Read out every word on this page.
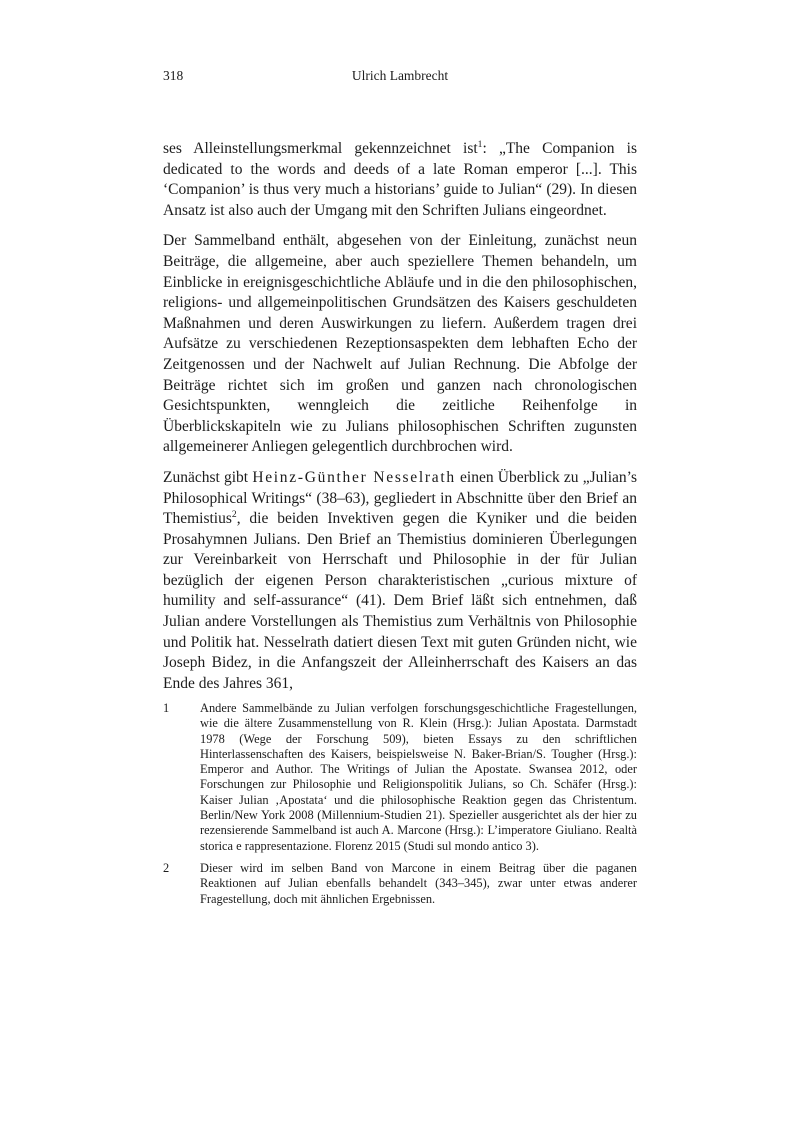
318	Ulrich Lambrecht

ses Alleinstellungsmerkmal gekennzeichnet ist$^1$: „The Companion is dedicated to the words and deeds of a late Roman emperor [...]. This ‘Companion’ is thus very much a historians’ guide to Julian“ (29). In diesen Ansatz ist also auch der Umgang mit den Schriften Julians eingeordnet.

Der Sammelband enthält, abgesehen von der Einleitung, zunächst neun Beiträge, die allgemeine, aber auch speziellere Themen behandeln, um Einblicke in ereignisgeschichtliche Abläufe und in die den philosophischen, religions- und allgemeinpolitischen Grundsätzen des Kaisers geschuldeten Maßnahmen und deren Auswirkungen zu liefern. Außerdem tragen drei Aufsätze zu verschiedenen Rezeptionsaspekten dem lebhaften Echo der Zeitgenossen und der Nachwelt auf Julian Rechnung. Die Abfolge der Beiträge richtet sich im großen und ganzen nach chronologischen Gesichtspunkten, wenngleich die zeitliche Reihenfolge in Überblickskapiteln wie zu Julians philosophischen Schriften zugunsten allgemeinerer Anliegen gelegentlich durchbrochen wird.

Zunächst gibt Heinz-Günther Nesselrath einen Überblick zu „Julian’s Philosophical Writings“ (38–63), gegliedert in Abschnitte über den Brief an Themistius$^2$, die beiden Invektiven gegen die Kyniker und die beiden Prosahymnen Julians. Den Brief an Themistius dominieren Überlegungen zur Vereinbarkeit von Herrschaft und Philosophie in der für Julian bezüglich der eigenen Person charakteristischen „curious mixture of humility and self-assurance“ (41). Dem Brief läßt sich entnehmen, daß Julian andere Vorstellungen als Themistius zum Verhältnis von Philosophie und Politik hat. Nesselrath datiert diesen Text mit guten Gründen nicht, wie Joseph Bidez, in die Anfangszeit der Alleinherrschaft des Kaisers an das Ende des Jahres 361,

1	Andere Sammelbände zu Julian verfolgen forschungsgeschichtliche Fragestellungen, wie die ältere Zusammenstellung von R. Klein (Hrsg.): Julian Apostata. Darmstadt 1978 (Wege der Forschung 509), bieten Essays zu den schriftlichen Hinterlassenschaften des Kaisers, beispielsweise N. Baker-Brian/S. Tougher (Hrsg.): Emperor and Author. The Writings of Julian the Apostate. Swansea 2012, oder Forschungen zur Philosophie und Religionspolitik Julians, so Ch. Schäfer (Hrsg.): Kaiser Julian ‚Apostata‘ und die philosophische Reaktion gegen das Christentum. Berlin/New York 2008 (Millennium-Studien 21). Spezieller ausgerichtet als der hier zu rezensierende Sammelband ist auch A. Marcone (Hrsg.): L’imperatore Giuliano. Realtà storica e rappresentazione. Florenz 2015 (Studi sul mondo antico 3).
2	Dieser wird im selben Band von Marcone in einem Beitrag über die paganen Reaktionen auf Julian ebenfalls behandelt (343–345), zwar unter etwas anderer Fragestellung, doch mit ähnlichen Ergebnissen.
